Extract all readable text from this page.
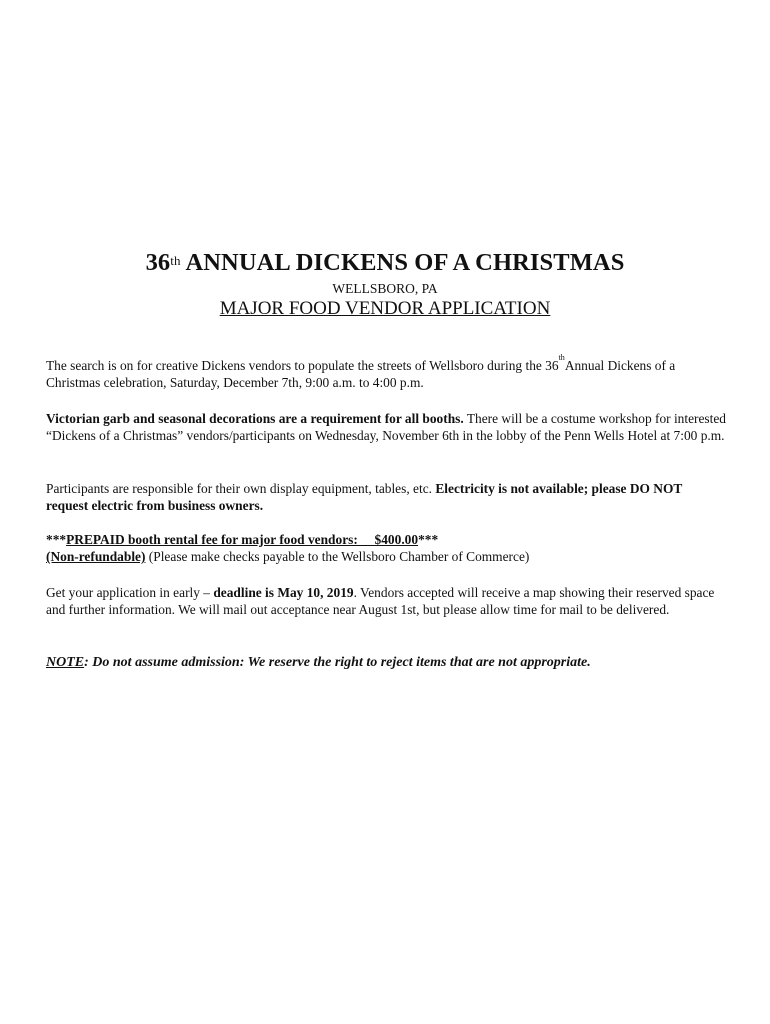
36th ANNUAL DICKENS OF A CHRISTMAS
WELLSBORO, PA
MAJOR FOOD VENDOR APPLICATION
The search is on for creative Dickens vendors to populate the streets of Wellsboro during the 36thAnnual Dickens of a Christmas celebration, Saturday, December 7th, 9:00 a.m. to 4:00 p.m.
Victorian garb and seasonal decorations are a requirement for all booths. There will be a costume workshop for interested “Dickens of a Christmas” vendors/participants on Wednesday, November 6th in the lobby of the Penn Wells Hotel at 7:00 p.m.
Participants are responsible for their own display equipment, tables, etc. Electricity is not available; please DO NOT request electric from business owners.
***PREPAID booth rental fee for major food vendors:     $400.00***
(Non-refundable) (Please make checks payable to the Wellsboro Chamber of Commerce)
Get your application in early – deadline is May 10, 2019. Vendors accepted will receive a map showing their reserved space and further information. We will mail out acceptance near August 1st, but please allow time for mail to be delivered.
NOTE: Do not assume admission: We reserve the right to reject items that are not appropriate.
